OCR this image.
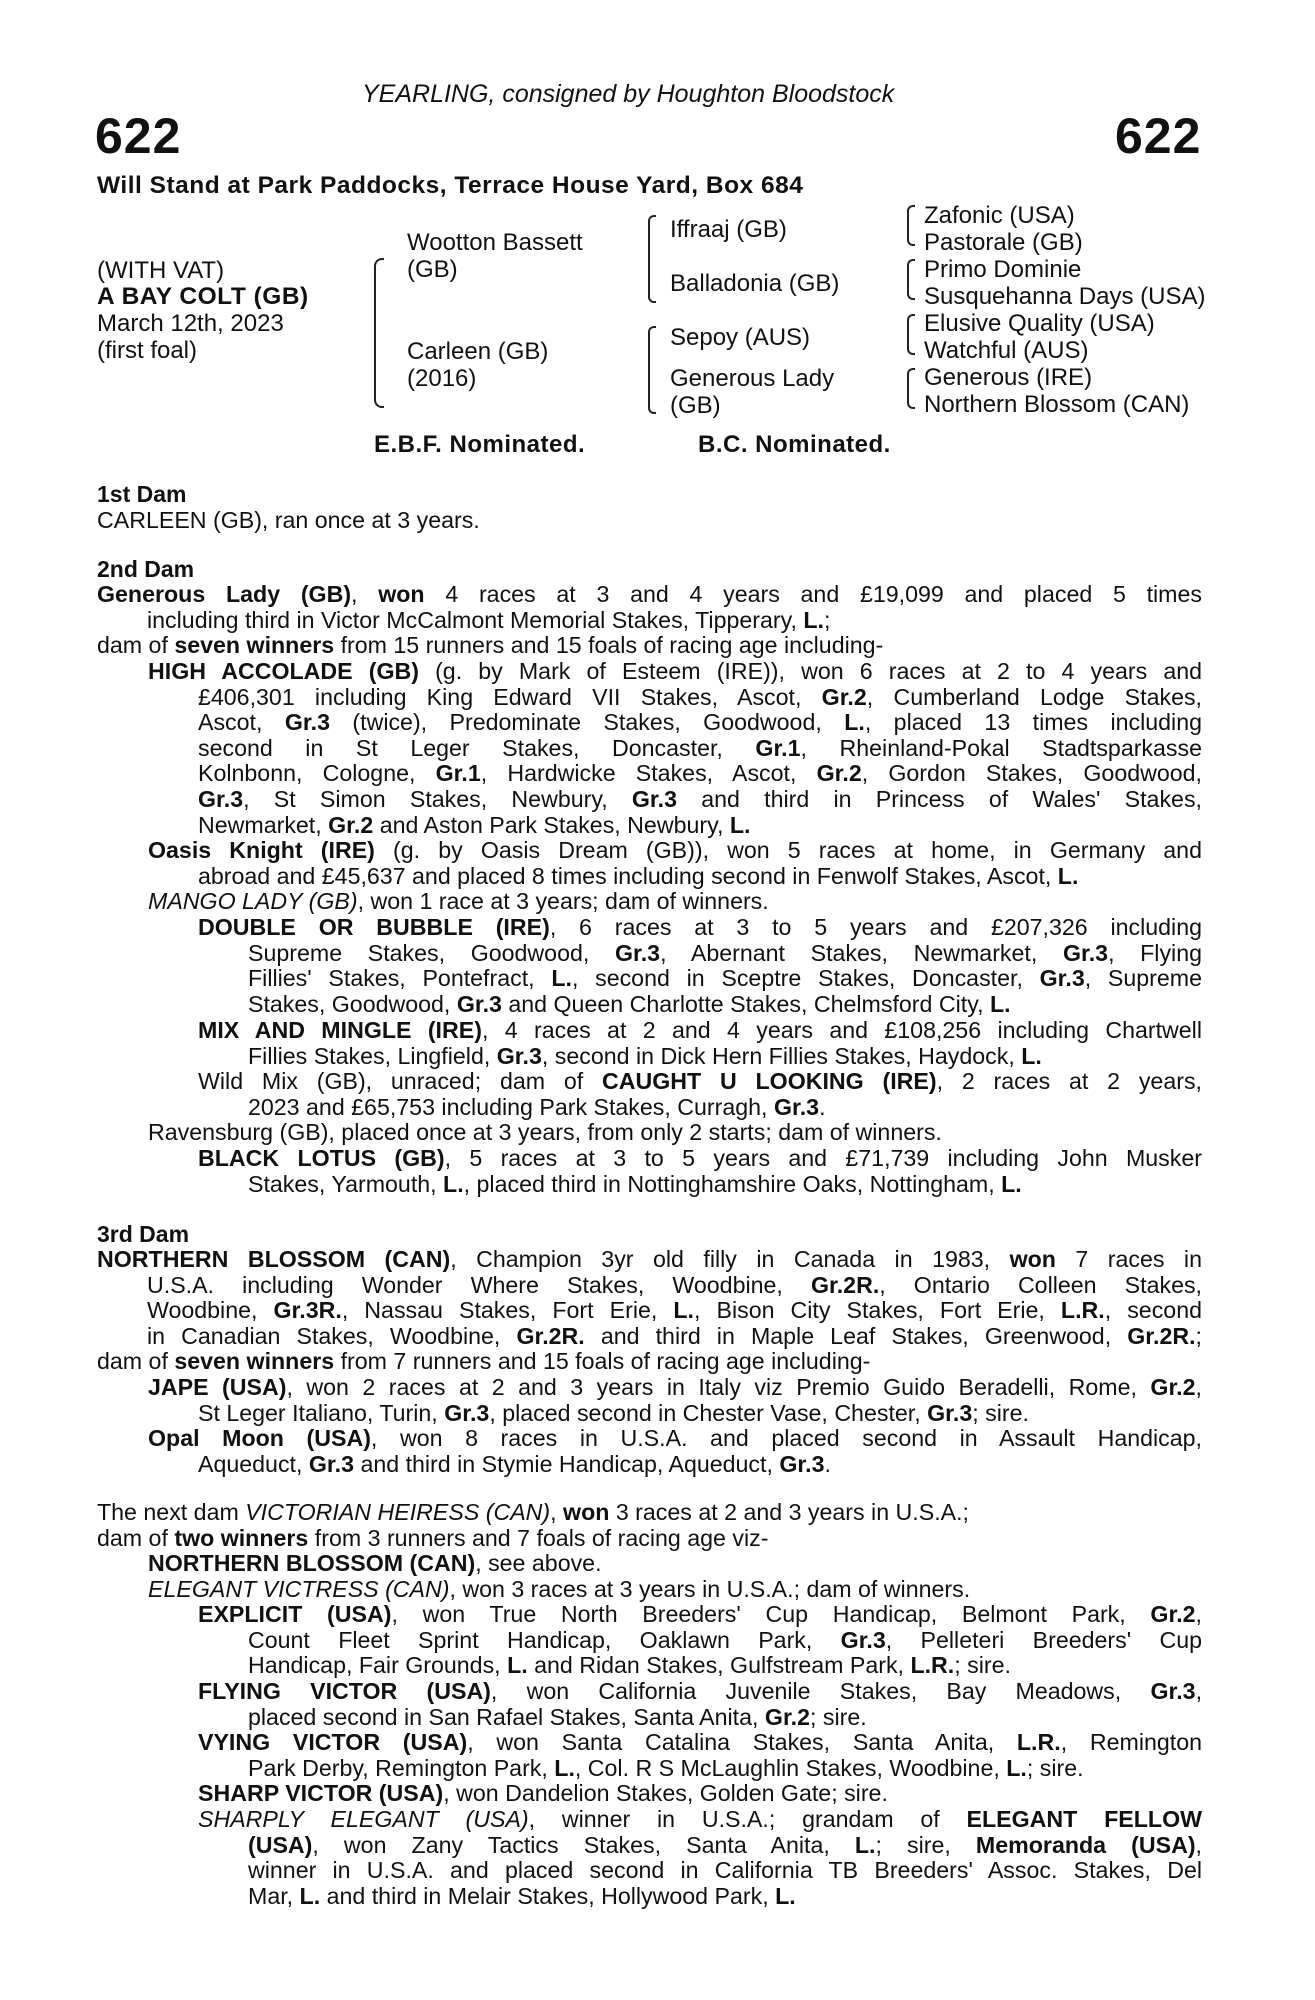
YEARLING, consigned by Houghton Bloodstock
622	622
Will Stand at Park Paddocks, Terrace House Yard, Box 684
(WITH VAT)
A BAY COLT (GB)
March 12th, 2023
(first foal)
Wootton Bassett
(GB)
Carleen (GB)
(2016)
Iffraaj (GB)
Balladonia (GB)
Sepoy (AUS)
Generous Lady
(GB)
Zafonic (USA)
Pastorale (GB)
Primo Dominie
Susquehanna Days (USA)
Elusive Quality (USA)
Watchful (AUS)
Generous (IRE)
Northern Blossom (CAN)
E.B.F. Nominated.	B.C. Nominated.
1st Dam
CARLEEN (GB), ran once at 3 years.
2nd Dam
Generous Lady (GB), won 4 races at 3 and 4 years and £19,099 and placed 5 times
including third in Victor McCalmont Memorial Stakes, Tipperary, L.;
dam of seven winners from 15 runners and 15 foals of racing age including-
HIGH ACCOLADE (GB) (g. by Mark of Esteem (IRE)), won 6 races at 2 to 4 years and
£406,301 including King Edward VII Stakes, Ascot, Gr.2, Cumberland Lodge Stakes,
Ascot, Gr.3 (twice), Predominate Stakes, Goodwood, L., placed 13 times including
second in St Leger Stakes, Doncaster, Gr.1, Rheinland-Pokal Stadtsparkasse
Kolnbonn, Cologne, Gr.1, Hardwicke Stakes, Ascot, Gr.2, Gordon Stakes, Goodwood,
Gr.3, St Simon Stakes, Newbury, Gr.3 and third in Princess of Wales' Stakes,
Newmarket, Gr.2 and Aston Park Stakes, Newbury, L.
Oasis Knight (IRE) (g. by Oasis Dream (GB)), won 5 races at home, in Germany and
abroad and £45,637 and placed 8 times including second in Fenwolf Stakes, Ascot, L.
MANGO LADY (GB), won 1 race at 3 years; dam of winners.
DOUBLE OR BUBBLE (IRE), 6 races at 3 to 5 years and £207,326 including
Supreme Stakes, Goodwood, Gr.3, Abernant Stakes, Newmarket, Gr.3, Flying
Fillies' Stakes, Pontefract, L., second in Sceptre Stakes, Doncaster, Gr.3, Supreme
Stakes, Goodwood, Gr.3 and Queen Charlotte Stakes, Chelmsford City, L.
MIX AND MINGLE (IRE), 4 races at 2 and 4 years and £108,256 including Chartwell
Fillies Stakes, Lingfield, Gr.3, second in Dick Hern Fillies Stakes, Haydock, L.
Wild Mix (GB), unraced; dam of CAUGHT U LOOKING (IRE), 2 races at 2 years,
2023 and £65,753 including Park Stakes, Curragh, Gr.3.
Ravensburg (GB), placed once at 3 years, from only 2 starts; dam of winners.
BLACK LOTUS (GB), 5 races at 3 to 5 years and £71,739 including John Musker
Stakes, Yarmouth, L., placed third in Nottinghamshire Oaks, Nottingham, L.
3rd Dam
NORTHERN BLOSSOM (CAN), Champion 3yr old filly in Canada in 1983, won 7 races in
U.S.A. including Wonder Where Stakes, Woodbine, Gr.2R., Ontario Colleen Stakes,
Woodbine, Gr.3R., Nassau Stakes, Fort Erie, L., Bison City Stakes, Fort Erie, L.R., second
in Canadian Stakes, Woodbine, Gr.2R. and third in Maple Leaf Stakes, Greenwood, Gr.2R.;
dam of seven winners from 7 runners and 15 foals of racing age including-
JAPE (USA), won 2 races at 2 and 3 years in Italy viz Premio Guido Beradelli, Rome, Gr.2,
St Leger Italiano, Turin, Gr.3, placed second in Chester Vase, Chester, Gr.3; sire.
Opal Moon (USA), won 8 races in U.S.A. and placed second in Assault Handicap,
Aqueduct, Gr.3 and third in Stymie Handicap, Aqueduct, Gr.3.
The next dam VICTORIAN HEIRESS (CAN), won 3 races at 2 and 3 years in U.S.A.;
dam of two winners from 3 runners and 7 foals of racing age viz-
NORTHERN BLOSSOM (CAN), see above.
ELEGANT VICTRESS (CAN), won 3 races at 3 years in U.S.A.; dam of winners.
EXPLICIT (USA), won True North Breeders' Cup Handicap, Belmont Park, Gr.2,
Count Fleet Sprint Handicap, Oaklawn Park, Gr.3, Pelleteri Breeders' Cup
Handicap, Fair Grounds, L. and Ridan Stakes, Gulfstream Park, L.R.; sire.
FLYING VICTOR (USA), won California Juvenile Stakes, Bay Meadows, Gr.3,
placed second in San Rafael Stakes, Santa Anita, Gr.2; sire.
VYING VICTOR (USA), won Santa Catalina Stakes, Santa Anita, L.R., Remington
Park Derby, Remington Park, L., Col. R S McLaughlin Stakes, Woodbine, L.; sire.
SHARP VICTOR (USA), won Dandelion Stakes, Golden Gate; sire.
SHARPLY ELEGANT (USA), winner in U.S.A.; grandam of ELEGANT FELLOW
(USA), won Zany Tactics Stakes, Santa Anita, L.; sire, Memoranda (USA),
winner in U.S.A. and placed second in California TB Breeders' Assoc. Stakes, Del
Mar, L. and third in Melair Stakes, Hollywood Park, L.
